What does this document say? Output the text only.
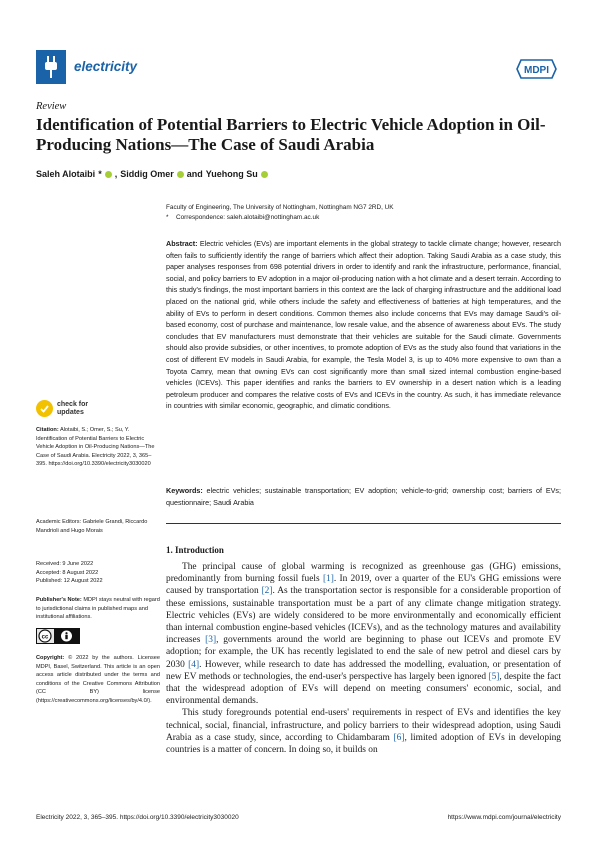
electricity	MDPI
Review
Identification of Potential Barriers to Electric Vehicle Adoption in Oil-Producing Nations—The Case of Saudi Arabia
Saleh Alotaibi * , Siddig Omer and Yuehong Su
Faculty of Engineering, The University of Nottingham, Nottingham NG7 2RD, UK
* Correspondence: saleh.alotaibi@nottingham.ac.uk
Abstract: Electric vehicles (EVs) are important elements in the global strategy to tackle climate change; however, research often fails to sufficiently identify the range of barriers which affect their adoption. Taking Saudi Arabia as a case study, this paper analyses responses from 698 potential drivers in order to identify and rank the infrastructure, performance, financial, social, and policy barriers to EV adoption in a major oil-producing nation with a hot climate and a desert terrain. According to this study's findings, the most important barriers in this context are the lack of charging infrastructure and the additional load placed on the national grid, while others include the safety and effectiveness of batteries at high temperatures, and the ability of EVs to perform in desert conditions. Common themes also include concerns that EVs may damage Saudi's oil-based economy, cost of purchase and maintenance, low resale value, and the absence of awareness about EVs. The study concludes that EV manufacturers must demonstrate that their vehicles are suitable for the Saudi climate. Governments should also provide subsidies, or other incentives, to promote adoption of EVs as the study also found that variations in the cost of different EV models in Saudi Arabia, for example, the Tesla Model 3, is up to 40% more expensive to own than a Toyota Camry, mean that owning EVs can cost significantly more than small sized internal combustion engine-based vehicles (ICEVs). This paper identifies and ranks the barriers to EV ownership in a desert nation which is a leading petroleum producer and compares the relative costs of EVs and ICEVs in the country. As such, it has immediate relevance in countries with similar economic, geographic, and climatic conditions.
Keywords: electric vehicles; sustainable transportation; EV adoption; vehicle-to-grid; ownership cost; barriers of EVs; questionnaire; Saudi Arabia
1. Introduction

The principal cause of global warming is recognized as greenhouse gas (GHG) emissions, predominantly from burning fossil fuels [1]. In 2019, over a quarter of the EU's GHG emissions were caused by transportation [2]. As the transportation sector is responsible for a considerable proportion of these emissions, sustainable transportation must be a part of any climate change mitigation strategy. Electric vehicles (EVs) are widely considered to be more environmentally and economically efficient than internal combustion engine-based vehicles (ICEVs), and as the technology matures and availability increases [3], governments around the world are beginning to phase out ICEVs and promote EV adoption; for example, the UK has recently legislated to end the sale of new petrol and diesel cars by 2030 [4]. However, while research to date has addressed the modelling, evaluation, or presentation of new EV methods or technologies, the end-user's perspective has largely been ignored [5], despite the fact that the widespread adoption of EVs will depend on meeting consumers' economic, social, and environmental demands.

This study foregrounds potential end-users' requirements in respect of EVs and identifies the key technical, social, financial, infrastructure, and policy barriers to their widespread adoption, using Saudi Arabia as a case study, since, according to Chidambaram [6], limited adoption of EVs in developing countries is a matter of concern. In doing so, it builds on

check for
updates
Citation: Alotaibi, S.; Omer, S.; Su, Y. Identification of Potential Barriers to Electric Vehicle Adoption in Oil-Producing Nations—The Case of Saudi Arabia. Electricity 2022, 3, 365–395. https://doi.org/10.3390/electricity3030020
Academic Editors: Gabriele Grandi, Riccardo Mandrioli and Hugo Morais
Received: 9 June 2022
Accepted: 8 August 2022
Published: 12 August 2022
Publisher's Note: MDPI stays neutral with regard to jurisdictional claims in published maps and institutional affiliations.
cc
Copyright: © 2022 by the authors. Licensee MDPI, Basel, Switzerland. This article is an open access article distributed under the terms and conditions of the Creative Commons Attribution (CC BY) license (https://creativecommons.org/licenses/by/4.0/).
Electricity 2022, 3, 365–395. https://doi.org/10.3390/electricity3030020	https://www.mdpi.com/journal/electricity
